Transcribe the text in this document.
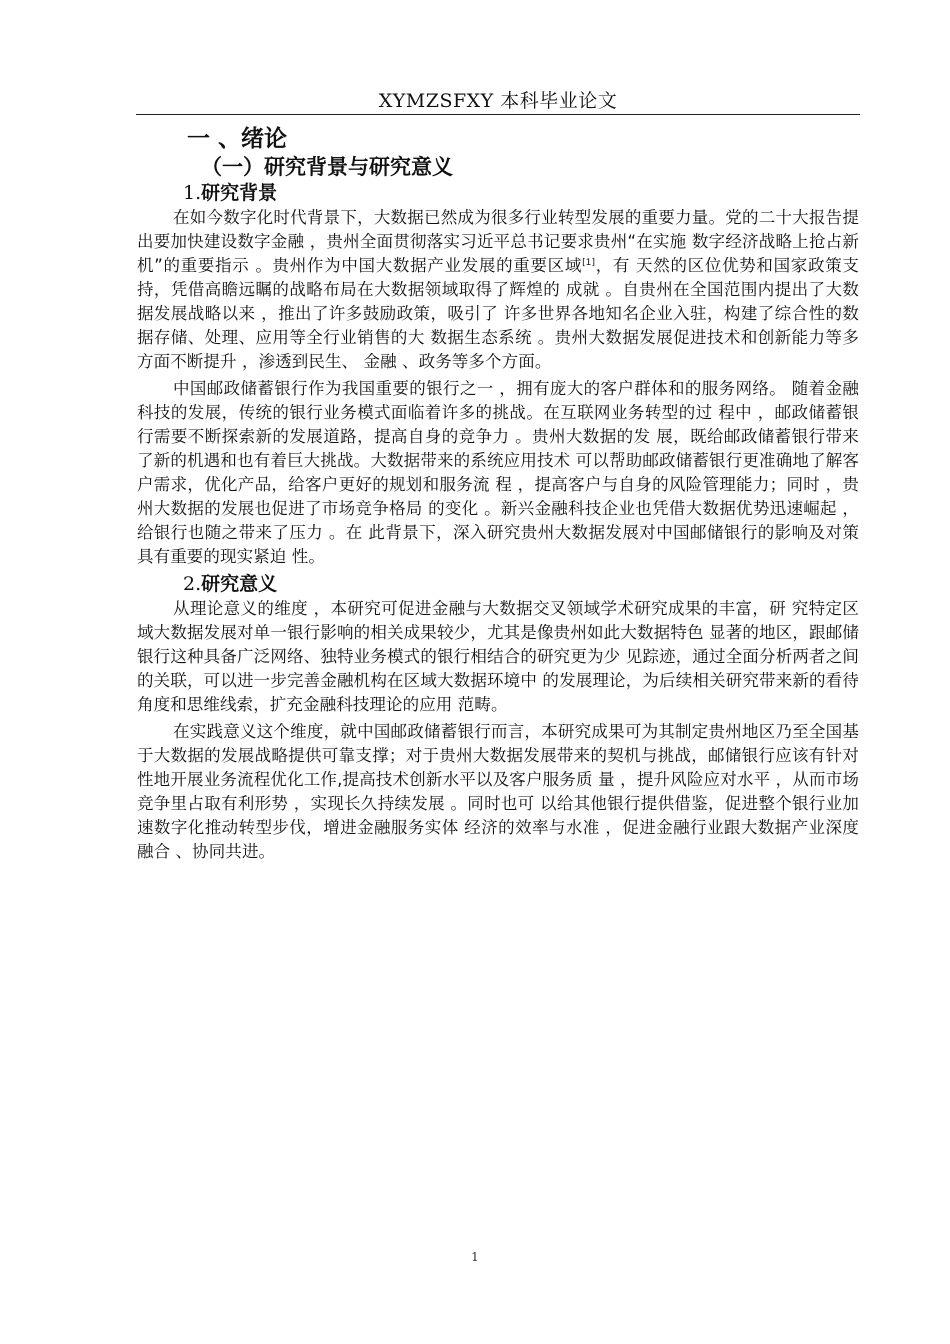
XYMZSFXY 本科毕业论文
一 、绪论
（一）研究背景与研究意义
1.研究背景

在如今数字化时代背景下，大数据已然成为很多行业转型发展的重要力量。党的二十大报告提出要加快建设数字金融 ，贵州全面贯彻落实习近平总书记要求贵州“在实施 数字经济战略上抢占新机”的重要指示 。贵州作为中国大数据产业发展的重要区域[1]，有 天然的区位优势和国家政策支持，凭借高瞻远瞩的战略布局在大数据领域取得了辉煌的 成就 。自贵州在全国范围内提出了大数据发展战略以来 ，推出了许多鼓励政策，吸引了 许多世界各地知名企业入驻，构建了综合性的数据存储、处理、应用等全行业销售的大 数据生态系统 。贵州大数据发展促进技术和创新能力等多方面不断提升 ，渗透到民生、 金融 、政务等多个方面。

中国邮政储蓄银行作为我国重要的银行之一 ，拥有庞大的客户群体和的服务网络。 随着金融科技的发展，传统的银行业务模式面临着许多的挑战。在互联网业务转型的过 程中 ，邮政储蓄银行需要不断探索新的发展道路，提高自身的竞争力 。贵州大数据的发 展，既给邮政储蓄银行带来了新的机遇和也有着巨大挑战。大数据带来的系统应用技术 可以帮助邮政储蓄银行更准确地了解客户需求，优化产品，给客户更好的规划和服务流 程 ，提高客户与自身的风险管理能力；同时 ，贵州大数据的发展也促进了市场竞争格局 的变化 。新兴金融科技企业也凭借大数据优势迅速崛起 ，给银行也随之带来了压力 。在 此背景下，深入研究贵州大数据发展对中国邮储银行的影响及对策具有重要的现实紧迫 性。

2.研究意义

从理论意义的维度 ，本研究可促进金融与大数据交叉领域学术研究成果的丰富，研 究特定区域大数据发展对单一银行影响的相关成果较少，尤其是像贵州如此大数据特色 显著的地区，跟邮储银行这种具备广泛网络、独特业务模式的银行相结合的研究更为少 见踪迹，通过全面分析两者之间的关联，可以进一步完善金融机构在区域大数据环境中 的发展理论，为后续相关研究带来新的看待角度和思维线索，扩充金融科技理论的应用 范畴。

在实践意义这个维度，就中国邮政储蓄银行而言，本研究成果可为其制定贵州地区乃至全国基于大数据的发展战略提供可靠支撑；对于贵州大数据发展带来的契机与挑战，邮储银行应该有针对性地开展业务流程优化工作,提高技术创新水平以及客户服务质 量 ，提升风险应对水平 ，从而市场竞争里占取有利形势 ，实现长久持续发展 。同时也可 以给其他银行提供借鉴，促进整个银行业加速数字化推动转型步伐，增进金融服务实体 经济的效率与水准 ，促进金融行业跟大数据产业深度融合 、协同共进。

1
